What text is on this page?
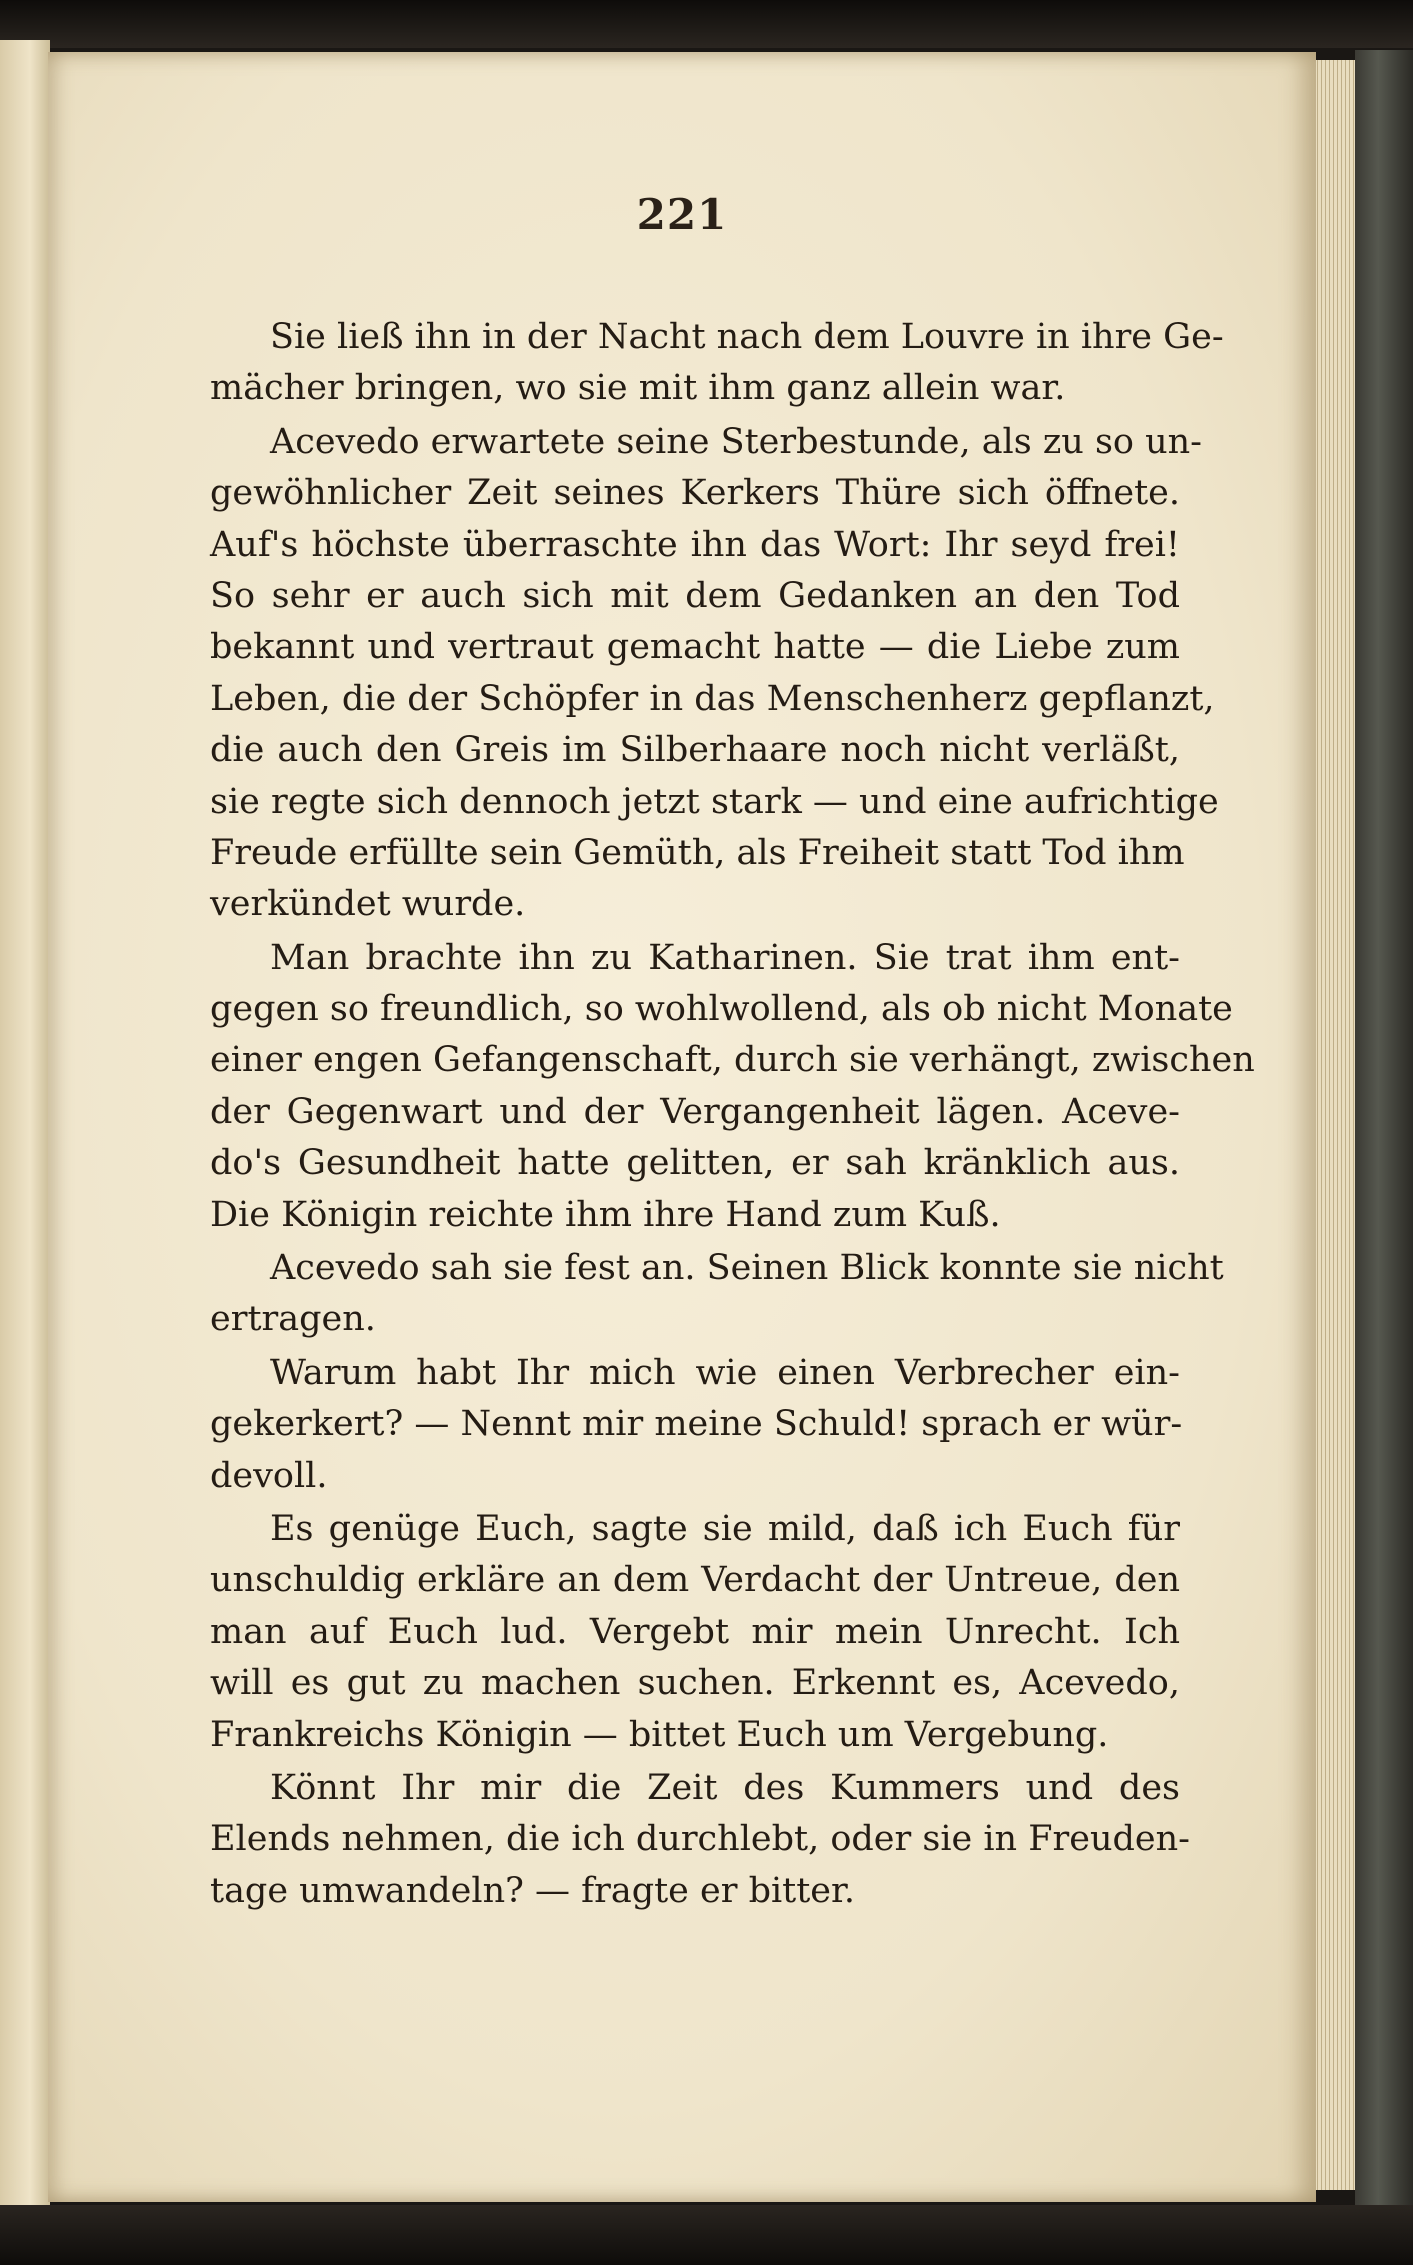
221
Sie ließ ihn in der Nacht nach dem Louvre in ihre Ge-
mächer bringen, wo sie mit ihm ganz allein war.
Acevedo erwartete seine Sterbestunde, als zu so un-
gewöhnlicher Zeit seines Kerkers Thüre sich öffnete.
Auf's höchste überraschte ihn das Wort: Ihr seyd frei!
So sehr er auch sich mit dem Gedanken an den Tod
bekannt und vertraut gemacht hatte — die Liebe zum
Leben, die der Schöpfer in das Menschenherz gepflanzt,
die auch den Greis im Silberhaare noch nicht verläßt,
sie regte sich dennoch jetzt stark — und eine aufrichtige
Freude erfüllte sein Gemüth, als Freiheit statt Tod ihm
verkündet wurde.
Man brachte ihn zu Katharinen. Sie trat ihm ent-
gegen so freundlich, so wohlwollend, als ob nicht Monate
einer engen Gefangenschaft, durch sie verhängt, zwischen
der Gegenwart und der Vergangenheit lägen. Aceve-
do's Gesundheit hatte gelitten, er sah kränklich aus.
Die Königin reichte ihm ihre Hand zum Kuß.
Acevedo sah sie fest an. Seinen Blick konnte sie nicht
ertragen.
Warum habt Ihr mich wie einen Verbrecher ein-
gekerkert? — Nennt mir meine Schuld! sprach er wür-
devoll.
Es genüge Euch, sagte sie mild, daß ich Euch für
unschuldig erkläre an dem Verdacht der Untreue, den
man auf Euch lud. Vergebt mir mein Unrecht. Ich
will es gut zu machen suchen. Erkennt es, Acevedo,
Frankreichs Königin — bittet Euch um Vergebung.
Könnt Ihr mir die Zeit des Kummers und des
Elends nehmen, die ich durchlebt, oder sie in Freuden-
tage umwandeln? — fragte er bitter.
